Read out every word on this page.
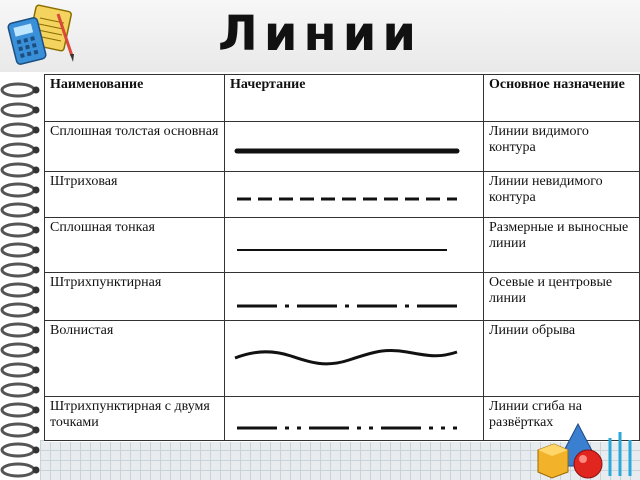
Линии
Наименование	Начертание	Основное назначение
Сплошная толстая основная		Линии видимого контура
Штриховая		Линии невидимого контура
Сплошная тонкая		Размерные и выносные линии
Штрихпунктирная		Осевые и центровые линии
Волнистая		Линии обрыва
Штрихпунктирная с двумя точками		Линии сгиба на развёртках
